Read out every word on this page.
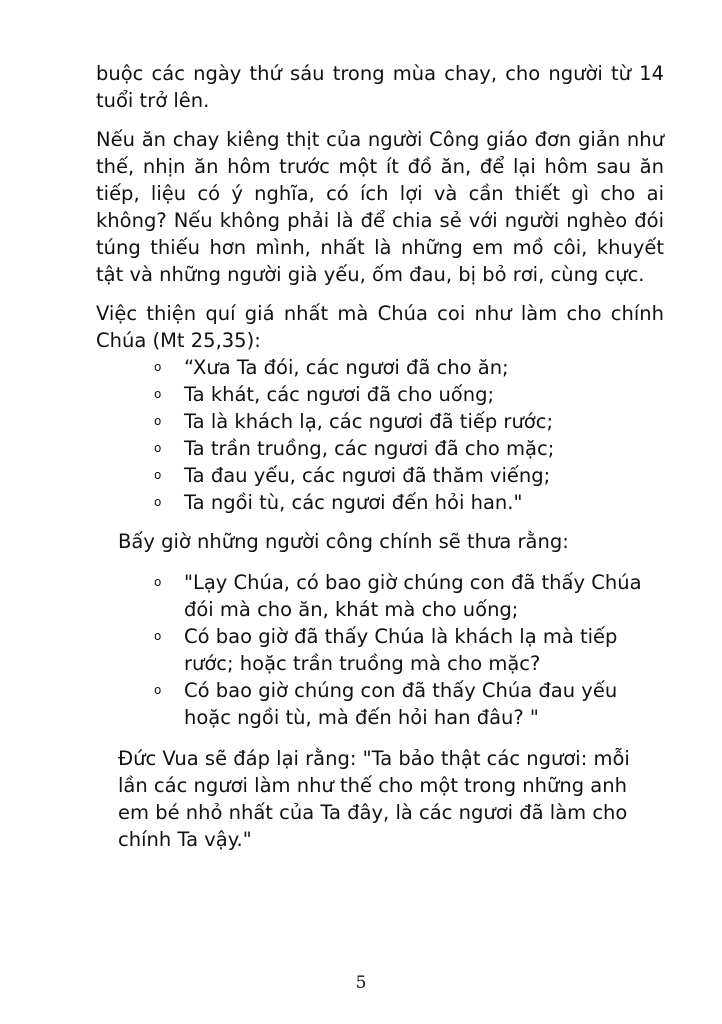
buộc các ngày thứ sáu trong mùa chay, cho người từ 14 tuổi trở lên.

Nếu ăn chay kiêng thịt của người Công giáo đơn giản như thế, nhịn ăn hôm trước một ít đồ ăn, để lại hôm sau ăn tiếp, liệu có ý nghĩa, có ích lợi và cần thiết gì cho ai không? Nếu không phải là để chia sẻ với người nghèo đói túng thiếu hơn mình, nhất là những em mồ côi, khuyết tật và những người già yếu, ốm đau, bị bỏ rơi, cùng cực.

Việc thiện quí giá nhất mà Chúa coi như làm cho chính Chúa (Mt 25,35):

o “Xưa Ta đói, các ngươi đã cho ăn;
o Ta khát, các ngươi đã cho uống;
o Ta là khách lạ, các ngươi đã tiếp rước;
o Ta trần truồng, các ngươi đã cho mặc;
o Ta đau yếu, các ngươi đã thăm viếng;
o Ta ngồi tù, các ngươi đến hỏi han."

Bấy giờ những người công chính sẽ thưa rằng:

o "Lạy Chúa, có bao giờ chúng con đã thấy Chúa đói mà cho ăn, khát mà cho uống;
o Có bao giờ đã thấy Chúa là khách lạ mà tiếp rước; hoặc trần truồng mà cho mặc?
o Có bao giờ chúng con đã thấy Chúa đau yếu hoặc ngồi tù, mà đến hỏi han đâu? "

Đức Vua sẽ đáp lại rằng: "Ta bảo thật các ngươi: mỗi lần các ngươi làm như thế cho một trong những anh em bé nhỏ nhất của Ta đây, là các ngươi đã làm cho chính Ta vậy."

5
